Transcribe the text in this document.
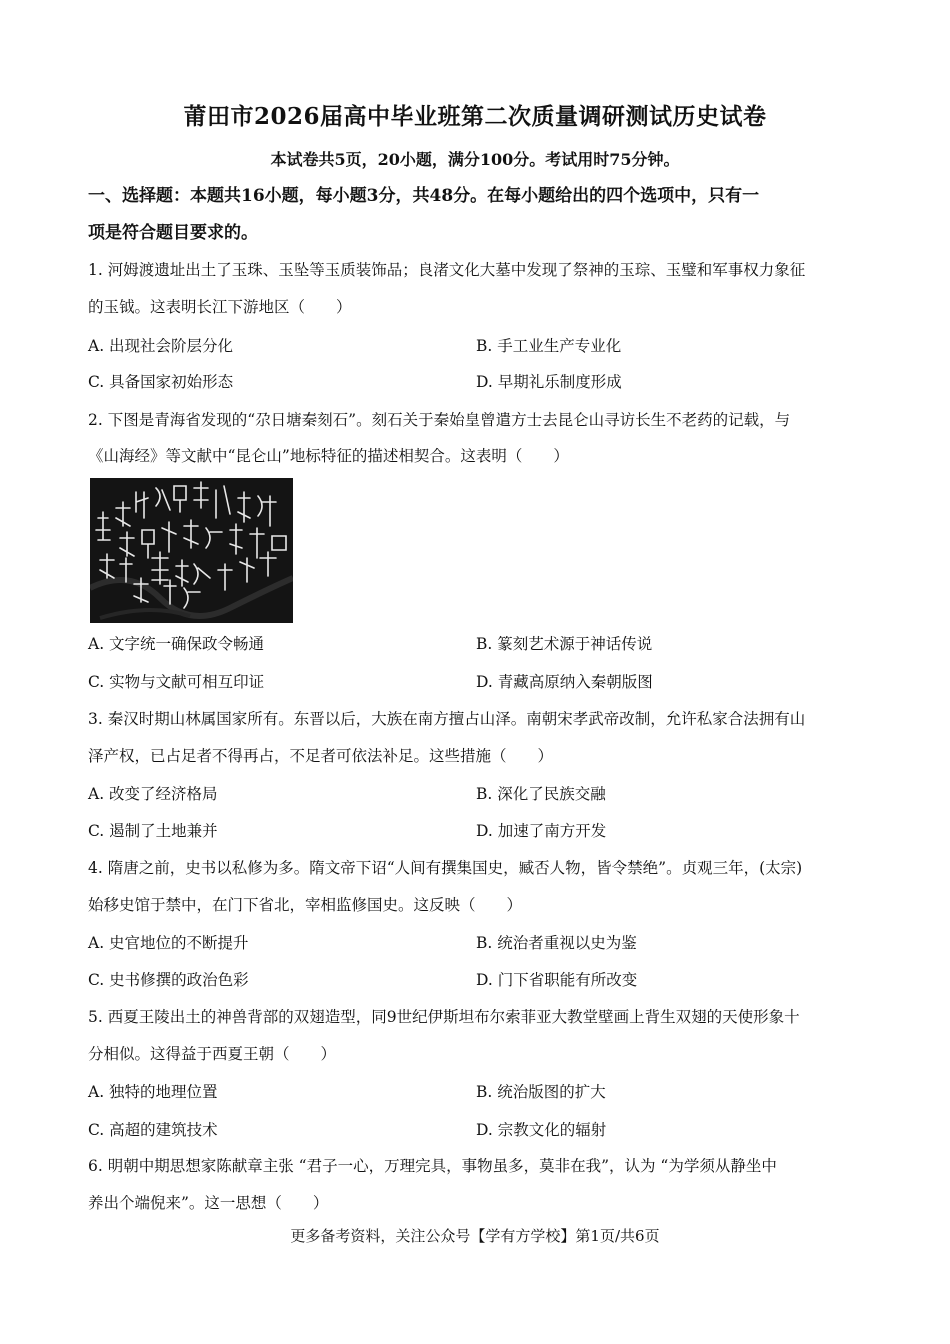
莆田市2026届高中毕业班第二次质量调研测试历史试卷
本试卷共5页，20小题，满分100分。考试用时75分钟。
一、选择题：本题共16小题，每小题3分，共48分。在每小题给出的四个选项中，只有一
项是符合题目要求的。
1. 河姆渡遗址出土了玉珠、玉坠等玉质装饰品；良渚文化大墓中发现了祭神的玉琮、玉璧和军事权力象征
的玉钺。这表明长江下游地区（　　）
A. 出现社会阶层分化	B. 手工业生产专业化
C. 具备国家初始形态	D. 早期礼乐制度形成
2. 下图是青海省发现的“尕日塘秦刻石”。刻石关于秦始皇曾遣方士去昆仑山寻访长生不老药的记载，与
《山海经》等文献中“昆仑山”地标特征的描述相契合。这表明（　　）
A. 文字统一确保政令畅通	B. 篆刻艺术源于神话传说
C. 实物与文献可相互印证	D. 青藏高原纳入秦朝版图
3. 秦汉时期山林属国家所有。东晋以后，大族在南方擅占山泽。南朝宋孝武帝改制，允许私家合法拥有山
泽产权，已占足者不得再占，不足者可依法补足。这些措施（　　）
A. 改变了经济格局	B. 深化了民族交融
C. 遏制了土地兼并	D. 加速了南方开发
4. 隋唐之前，史书以私修为多。隋文帝下诏“人间有撰集国史，臧否人物，皆令禁绝”。贞观三年，(太宗)
始移史馆于禁中，在门下省北，宰相监修国史。这反映（　　）
A. 史官地位的不断提升	B. 统治者重视以史为鉴
C. 史书修撰的政治色彩	D. 门下省职能有所改变
5. 西夏王陵出土的神兽背部的双翅造型，同9世纪伊斯坦布尔索菲亚大教堂壁画上背生双翅的天使形象十
分相似。这得益于西夏王朝（　　）
A. 独特的地理位置	B. 统治版图的扩大
C. 高超的建筑技术	D. 宗教文化的辐射
6. 明朝中期思想家陈献章主张 “君子一心，万理完具，事物虽多，莫非在我”，认为 “为学须从静坐中
养出个端倪来”。这一思想（　　）
更多备考资料，关注公众号【学有方学校】第1页/共6页
